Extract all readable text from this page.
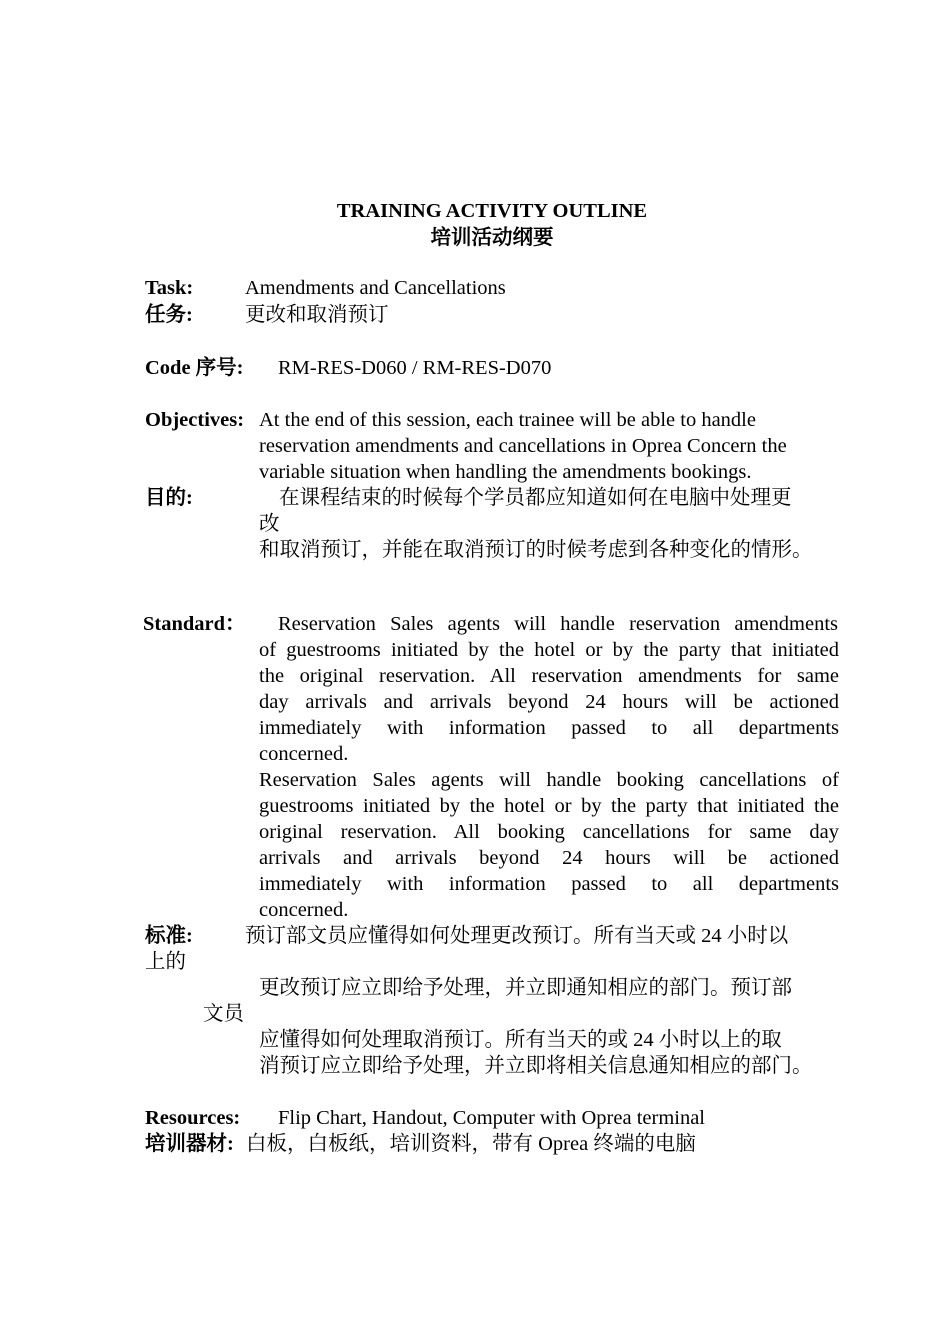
TRAINING ACTIVITY OUTLINE
培训活动纲要
Task:	Amendments and Cancellations
任务:	更改和取消预订
Code 序号: RM-RES-D060 / RM-RES-D070
Objectives: At the end of this session, each trainee will be able to handle
reservation amendments and cancellations in Oprea Concern the
variable situation when handling the amendments bookings.
目的:	在课程结束的时候每个学员都应知道如何在电脑中处理更
改
和取消预订，并能在取消预订的时候考虑到各种变化的情形。
Standard： Reservation Sales agents will handle reservation amendments
of guestrooms initiated by the hotel or by the party that initiated
the original reservation. All reservation amendments for same
day arrivals and arrivals beyond 24 hours will be actioned
immediately with information passed to all departments
concerned.
Reservation Sales agents will handle booking cancellations of
guestrooms initiated by the hotel or by the party that initiated the
original reservation. All booking cancellations for same day
arrivals and arrivals beyond 24 hours will be actioned
immediately with information passed to all departments
concerned.
标准:	预订部文员应懂得如何处理更改预订。所有当天或 24 小时以
上的
更改预订应立即给予处理，并立即通知相应的部门。预订部
文员
应懂得如何处理取消预订。所有当天的或 24 小时以上的取
消预订应立即给予处理，并立即将相关信息通知相应的部门。
Resources: Flip Chart, Handout, Computer with Oprea terminal
培训器材: 白板，白板纸，培训资料，带有 Oprea 终端的电脑
